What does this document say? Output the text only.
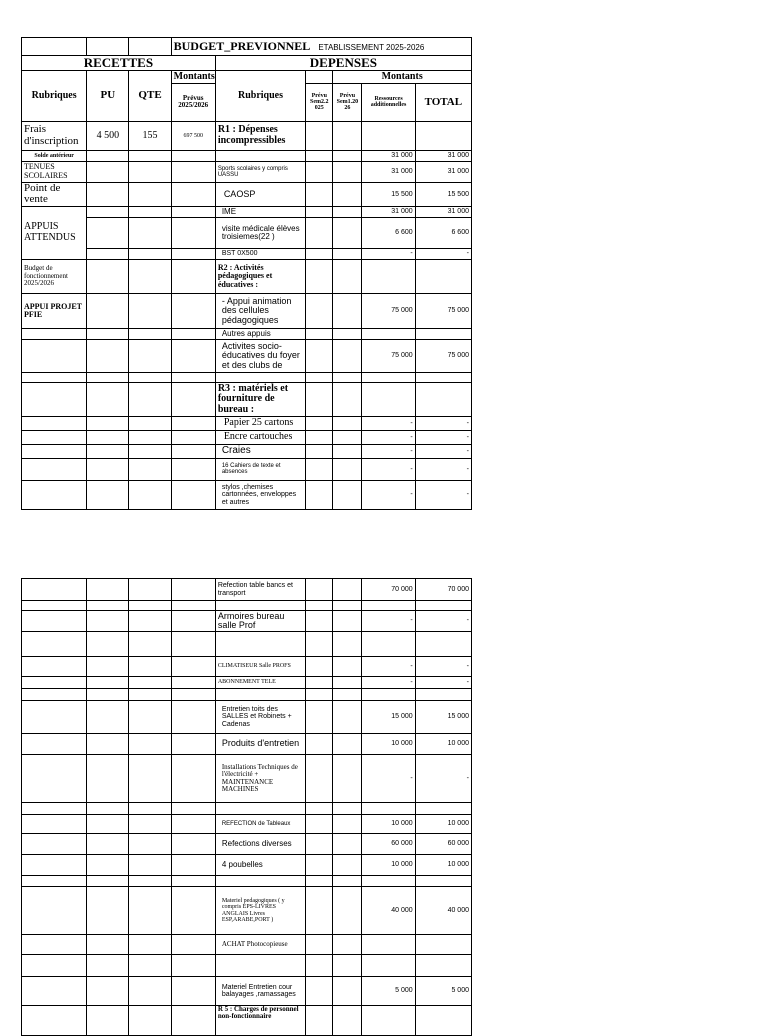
			BUDGET_PREVIONNEL ETABLISSEMENT 2025-2026					
RECETTES				DEPENSES				
Rubriques	PU	QTE	Montants	Rubriques		Montants		
			Prévus 2025/2026		Prévu Sem2.2 025	Prévu Sem1.20 26	Ressources additionnelles	TOTAL
Frais d'inscription	4 500	155	697 500	R1 : Dépenses incompressibles				
Solde antérieur							31 000	31 000
TENUES SCOLAIRES				Sports scolaires y compris UASSU			31 000	31 000
Point de vente				CAOSP			15 500	15 500
APPUIS ATTENDUS				IME			31 000	31 000
				visite médicale élèves troisiemes(22 )			6 600	6 600
				BST 0X500			-	-
Budget de fonctionnement 2025/2026				R2 : Activités pédagogiques et éducatives :				
APPUI PROJET PFIE				- Appui animation des cellules pédagogiques			75 000	75 000
				Autres appuis				
				Activites socio-éducatives du foyer et des clubs de			75 000	75 000

				R3 : matériels et fourniture de bureau :				
				Papier 25 cartons			-	-
				Encre cartouches			-	-
				Craies			-	-
				16 Cahiers de texte et absences			-	-
				stylos ,chemises cartonnées, enveloppes et autres			-	-
				Refection table bancs et transport			70 000	70 000

				Armoires bureau salle Prof			-	-

				CLIMATISEUR Salle PROFS			-	-
				ABONNEMENT TELE			-	-

				Entretien toits des SALLES et Robinets + Cadenas			15 000	15 000
				Produits d'entretien			10 000	10 000
				Installations Techniques de l'électricité + MAINTENANCE MACHINES			-	-

				REFECTION de Tableaux			10 000	10 000
				Refections diverses			60 000	60 000
				4 poubelles			10 000	10 000

				Materiel pedagogiques ( y compris EPS-LIVRES ANGLAIS Livres ESP,ARABE,PORT )			40 000	40 000
				ACHAT Photocopieuse				

				Materiel Entretien cour balayages ,ramassages			5 000	5 000
				R 5 : Charges de personnel non-fonctionnaire				
